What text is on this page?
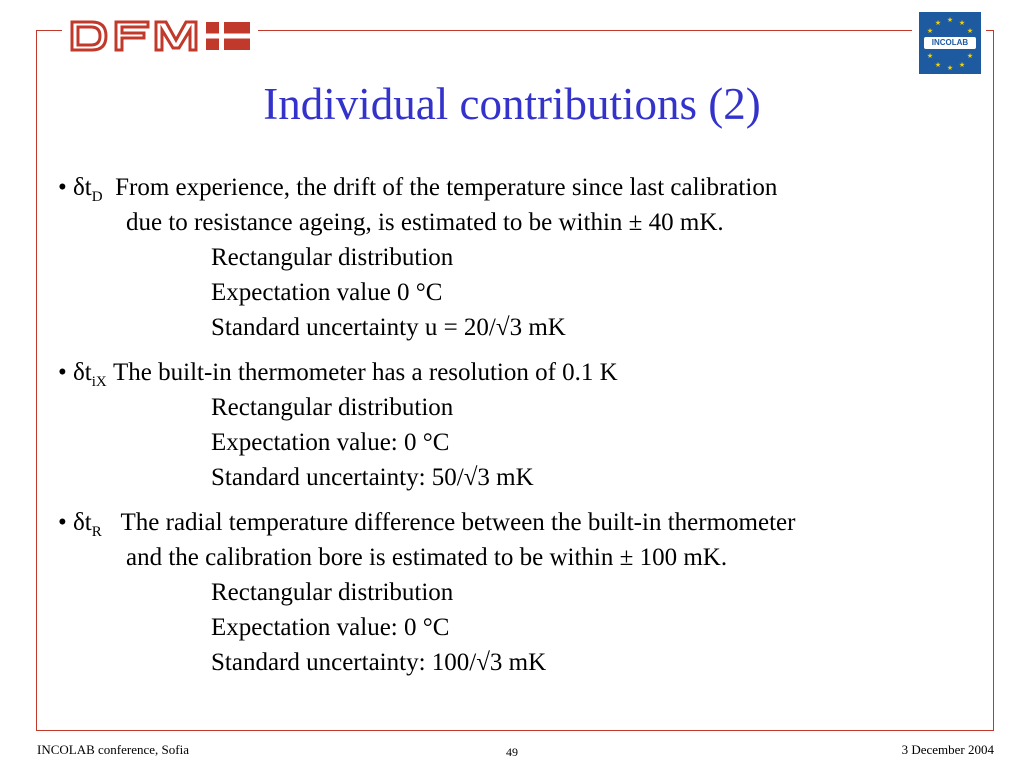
★ ★
★
★
★
★
★
★
★
★
INCOLAB
Individual contributions (2)
• $\delta t_D$ From experience, the drift of the temperature since last calibration
due to resistance ageing, is estimated to be within ± 40 mK.
Rectangular distribution
Expectation value 0 °C
Standard uncertainty u = 20/√3 mK
• $\delta t_{iX}$ The built-in thermometer has a resolution of 0.1 K
Rectangular distribution
Expectation value: 0 °C
Standard uncertainty: 50/√3 mK
• $\delta t_R$ The radial temperature difference between the built-in thermometer
and the calibration bore is estimated to be within ± 100 mK.
Rectangular distribution
Expectation value: 0 °C
Standard uncertainty: 100/√3 mK
INCOLAB conference, Sofia	49	3 December 2004
